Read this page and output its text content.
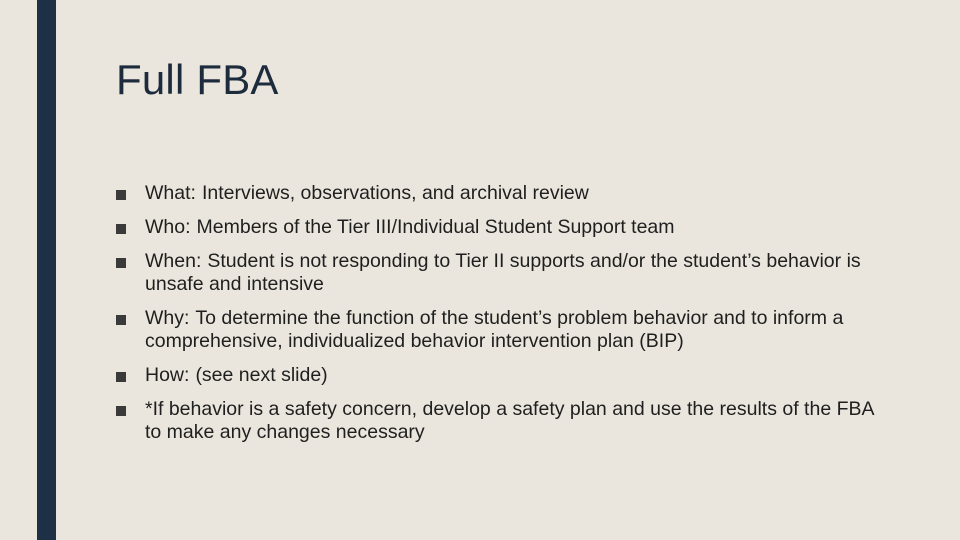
Full FBA
What: Interviews, observations, and archival review
Who: Members of the Tier III/Individual Student Support team
When: Student is not responding to Tier II supports and/or the student’s behavior is unsafe and intensive
Why: To determine the function of the student’s problem behavior and to inform a comprehensive, individualized behavior intervention plan (BIP)
How: (see next slide)
*If behavior is a safety concern, develop a safety plan and use the results of the FBA to make any changes necessary
